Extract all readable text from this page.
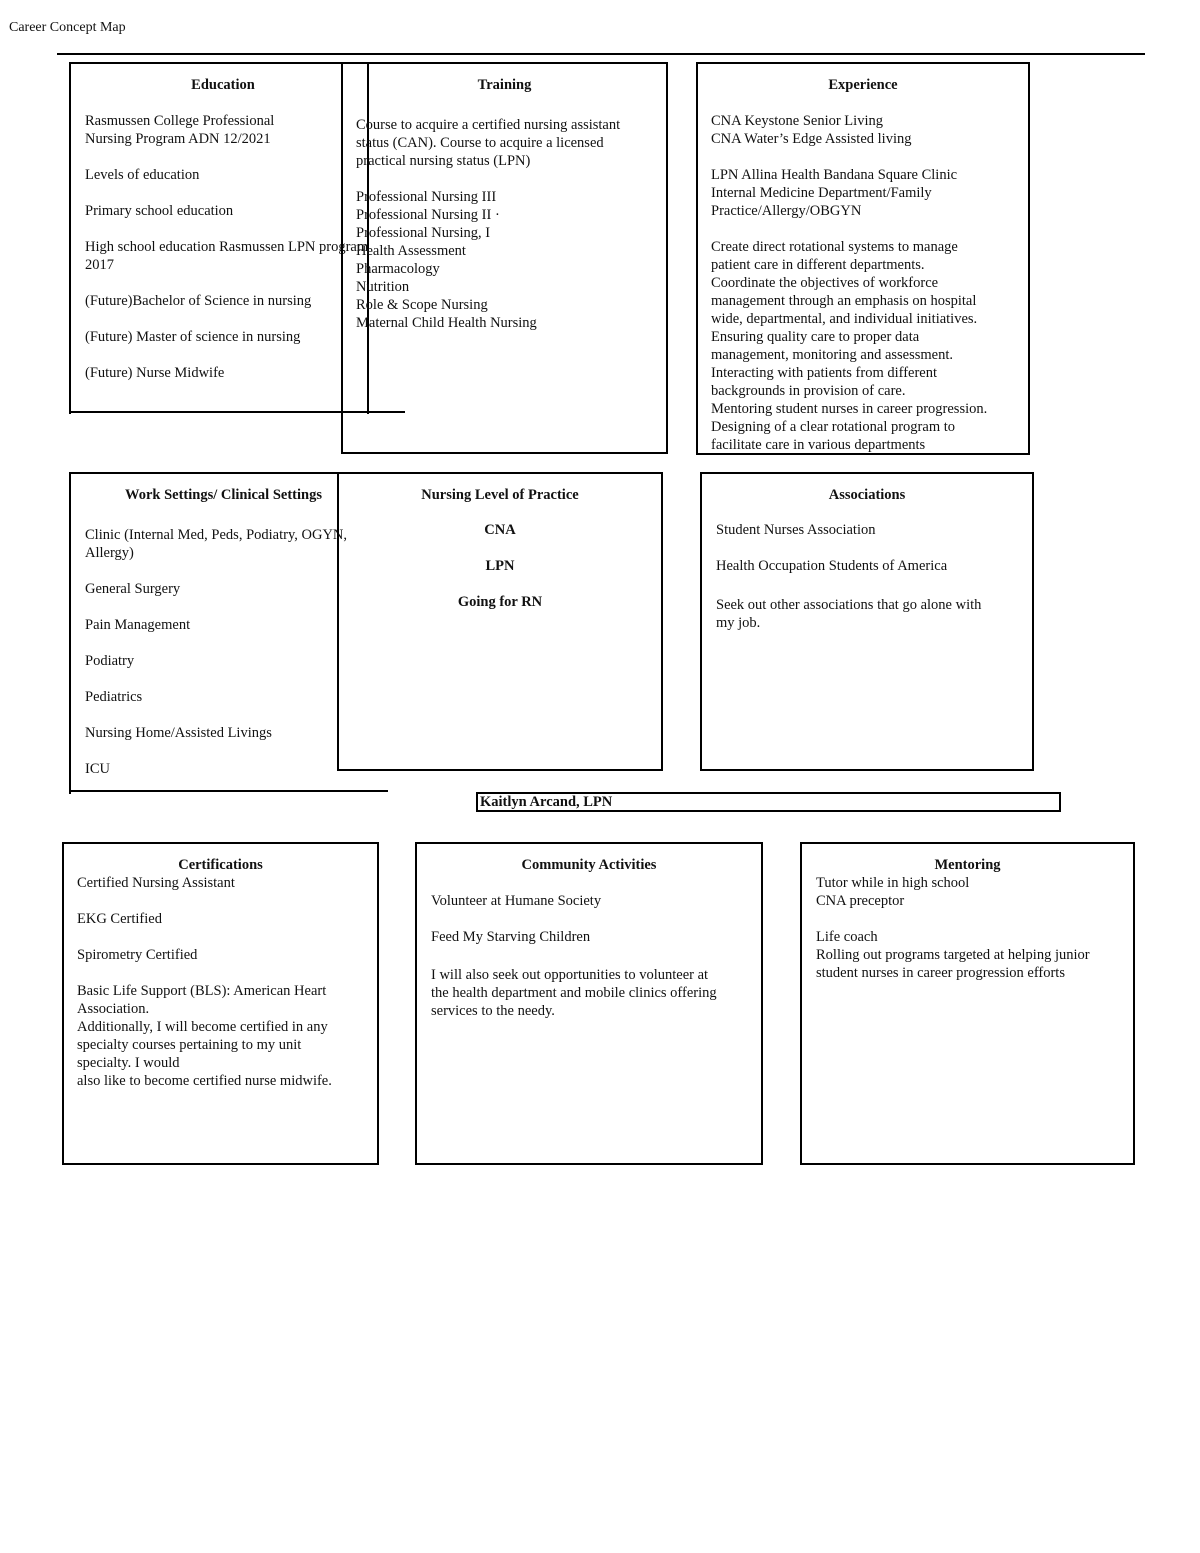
Career Concept Map
Education
Rasmussen College Professional
Nursing Program ADN 12/2021
Levels of education
Primary school education
High school education Rasmussen LPN program
2017
(Future)Bachelor of Science in nursing
(Future) Master of science in nursing
(Future) Nurse Midwife
Training
Course to acquire a certified nursing assistant
status (CAN). Course to acquire a licensed
practical nursing status (LPN)
Professional Nursing III
Professional Nursing II ·
Professional Nursing, I
Health Assessment
Pharmacology
Nutrition
Role & Scope Nursing
Maternal Child Health Nursing
Experience
CNA Keystone Senior Living
CNA Water’s Edge Assisted living
LPN Allina Health Bandana Square Clinic
Internal Medicine Department/Family
Practice/Allergy/OBGYN
Create direct rotational systems to manage
patient care in different departments.
Coordinate the objectives of workforce
management through an emphasis on hospital
wide, departmental, and individual initiatives.
Ensuring quality care to proper data
management, monitoring and assessment.
Interacting with patients from different
backgrounds in provision of care.
Mentoring student nurses in career progression.
Designing of a clear rotational program to
facilitate care in various departments
Work Settings/ Clinical Settings
Clinic (Internal Med, Peds, Podiatry, OGYN,
Allergy)
General Surgery
Pain Management
Podiatry
Pediatrics
Nursing Home/Assisted Livings
ICU
Nursing Level of Practice
CNA
LPN
Going for RN
Associations
Student Nurses Association
Health Occupation Students of America
Seek out other associations that go alone with
my job.
Kaitlyn Arcand, LPN
Certifications
Certified Nursing Assistant
EKG Certified
Spirometry Certified
Basic Life Support (BLS): American Heart
Association.
Additionally, I will become certified in any
specialty courses pertaining to my unit
specialty. I would
also like to become certified nurse midwife.
Community Activities
Volunteer at Humane Society
Feed My Starving Children
I will also seek out opportunities to volunteer at
the health department and mobile clinics offering
services to the needy.
Mentoring
Tutor while in high school
CNA preceptor
Life coach
Rolling out programs targeted at helping junior
student nurses in career progression efforts
